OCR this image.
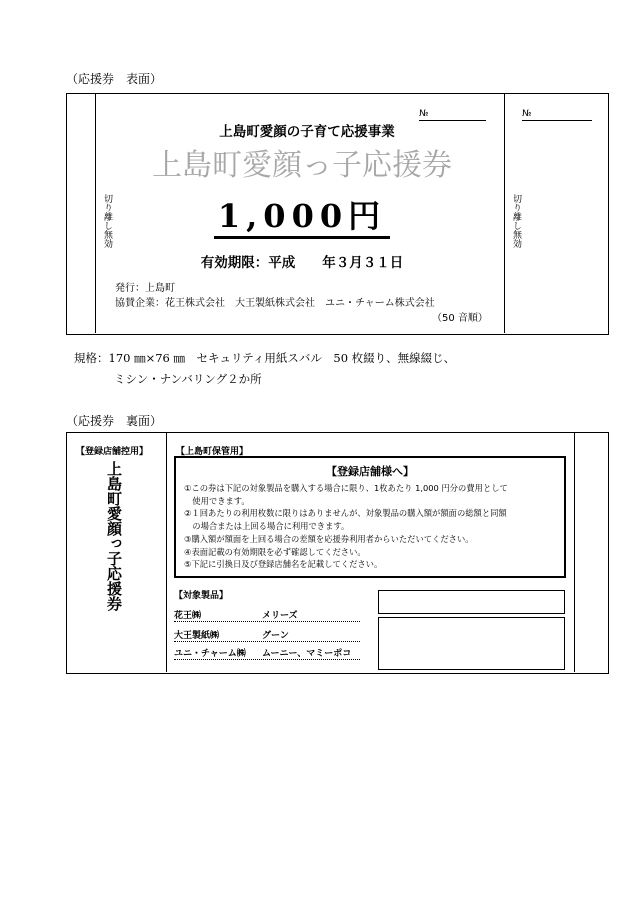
（応援券　表面）
切り離し無効	切り離し無効
№	№
上島町愛顔の子育て応援事業
上島町愛顔っ子応援券
1,000円
有効期限：平成　　年３月３１日
発行：上島町
協賛企業：花王株式会社　大王製紙株式会社　ユニ・チャーム株式会社
（50 音順）
規格：170 ㎜×76 ㎜　セキュリティ用紙スバル　50 枚綴り、無線綴じ、
ミシン・ナンバリング２か所
（応援券　裏面）
【登録店舗控用】
上島町愛顔っ子応援券
【上島町保管用】
【登録店舗様へ】
①この券は下記の対象製品を購入する場合に限り、1枚あたり 1,000 円分の費用として
　使用できます。
②１回あたりの利用枚数に限りはありませんが、対象製品の購入額が額面の総額と同額
　の場合または上回る場合に利用できます。
③購入額が額面を上回る場合の差額を応援券利用者からいただいてください。
④表面記載の有効期限を必ず確認してください。
⑤下記に引換日及び登録店舗名を記載してください。
【対象製品】
花王㈱	メリーズ
大王製紙㈱	グーン
ユニ・チャーム㈱ ムーニー、マミーポコ
